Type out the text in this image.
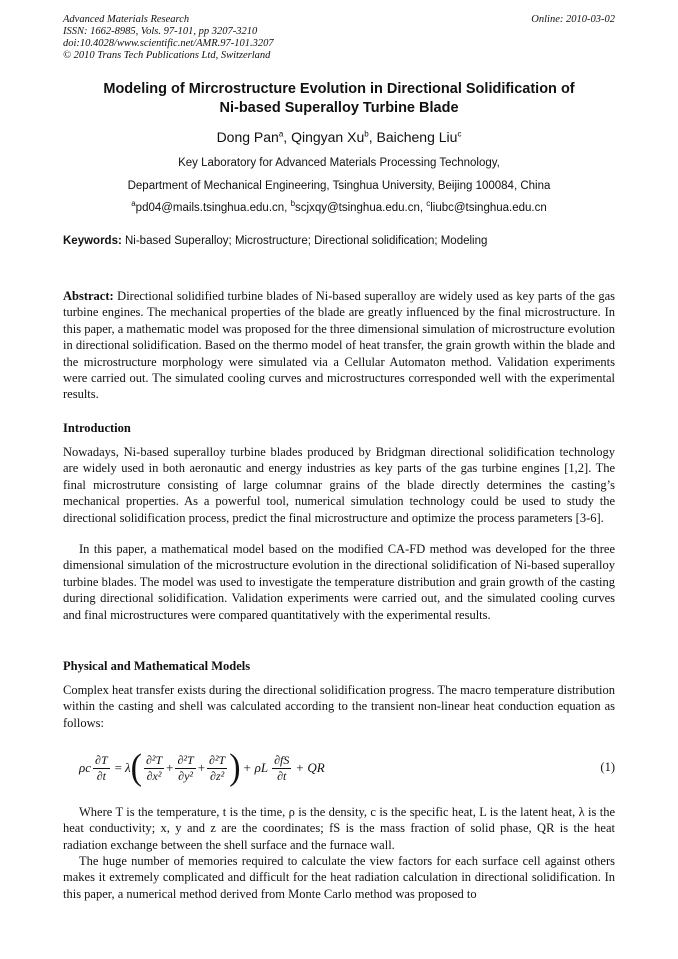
Advanced Materials Research
ISSN: 1662-8985, Vols. 97-101, pp 3207-3210
doi:10.4028/www.scientific.net/AMR.97-101.3207
© 2010 Trans Tech Publications Ltd, Switzerland
Online: 2010-03-02
Modeling of Mircrostructure Evolution in Directional Solidification of
Ni-based Superalloy Turbine Blade
Dong Pan$^a$, Qingyan Xu$^b$, Baicheng Liu$^c$
Key Laboratory for Advanced Materials Processing Technology,
Department of Mechanical Engineering, Tsinghua University, Beijing 100084, China
$^a$pd04@mails.tsinghua.edu.cn, $^b$scjxqy@tsinghua.edu.cn, $^c$liubc@tsinghua.edu.cn
Keywords: Ni-based Superalloy; Microstructure; Directional solidification; Modeling
Abstract: Directional solidified turbine blades of Ni-based superalloy are widely used as key parts of the gas turbine engines. The mechanical properties of the blade are greatly influenced by the final microstructure. In this paper, a mathematic model was proposed for the three dimensional simulation of microstructure evolution in directional solidification. Based on the thermo model of heat transfer, the grain growth within the blade and the microstructure morphology were simulated via a Cellular Automaton method. Validation experiments were carried out. The simulated cooling curves and microstructures corresponded well with the experimental results.
Introduction
Nowadays, Ni-based superalloy turbine blades produced by Bridgman directional solidification technology are widely used in both aeronautic and energy industries as key parts of the gas turbine engines [1,2]. The final microstruture consisting of large columnar grains of the blade directly determines the casting’s mechanical properties. As a powerful tool, numerical simulation technology could be used to study the directional solidification process, predict the final microstructure and optimize the process parameters [3-6].
In this paper, a mathematical model based on the modified CA-FD method was developed for the three dimensional simulation of the microstructure evolution in the directional solidification of Ni-based superalloy turbine blades. The model was used to investigate the temperature distribution and grain growth of the casting during directional solidification. Validation experiments were carried out, and the simulated cooling curves and final microstructures were compared quantitatively with the experimental results.
Physical and Mathematical Models
Complex heat transfer exists during the directional solidification progress. The macro temperature distribution within the casting and shell was calculated according to the transient non-linear heat conduction equation as follows:
ρc $\frac{\partial T}{\partial t} = \lambda$ ( $\frac{\text{∂²T}}{\text{∂x²}} + \frac{\text{∂²T}}{\text{∂y²}} + \frac{\text{∂²T}}{\text{∂z²}}$ ) + ρL $\frac{\partial fS}{\partial t}$ + QR	(1)
Where T is the temperature, t is the time, ρ is the density, c is the specific heat, L is the latent heat, λ is the heat conductivity; x, y and z are the coordinates; fS is the mass fraction of solid phase, QR is the heat radiation exchange between the shell surface and the furnace wall.
The huge number of memories required to calculate the view factors for each surface cell against others makes it extremely complicated and difficult for the heat radiation calculation in directional solidification. In this paper, a numerical method derived from Monte Carlo method was proposed to
